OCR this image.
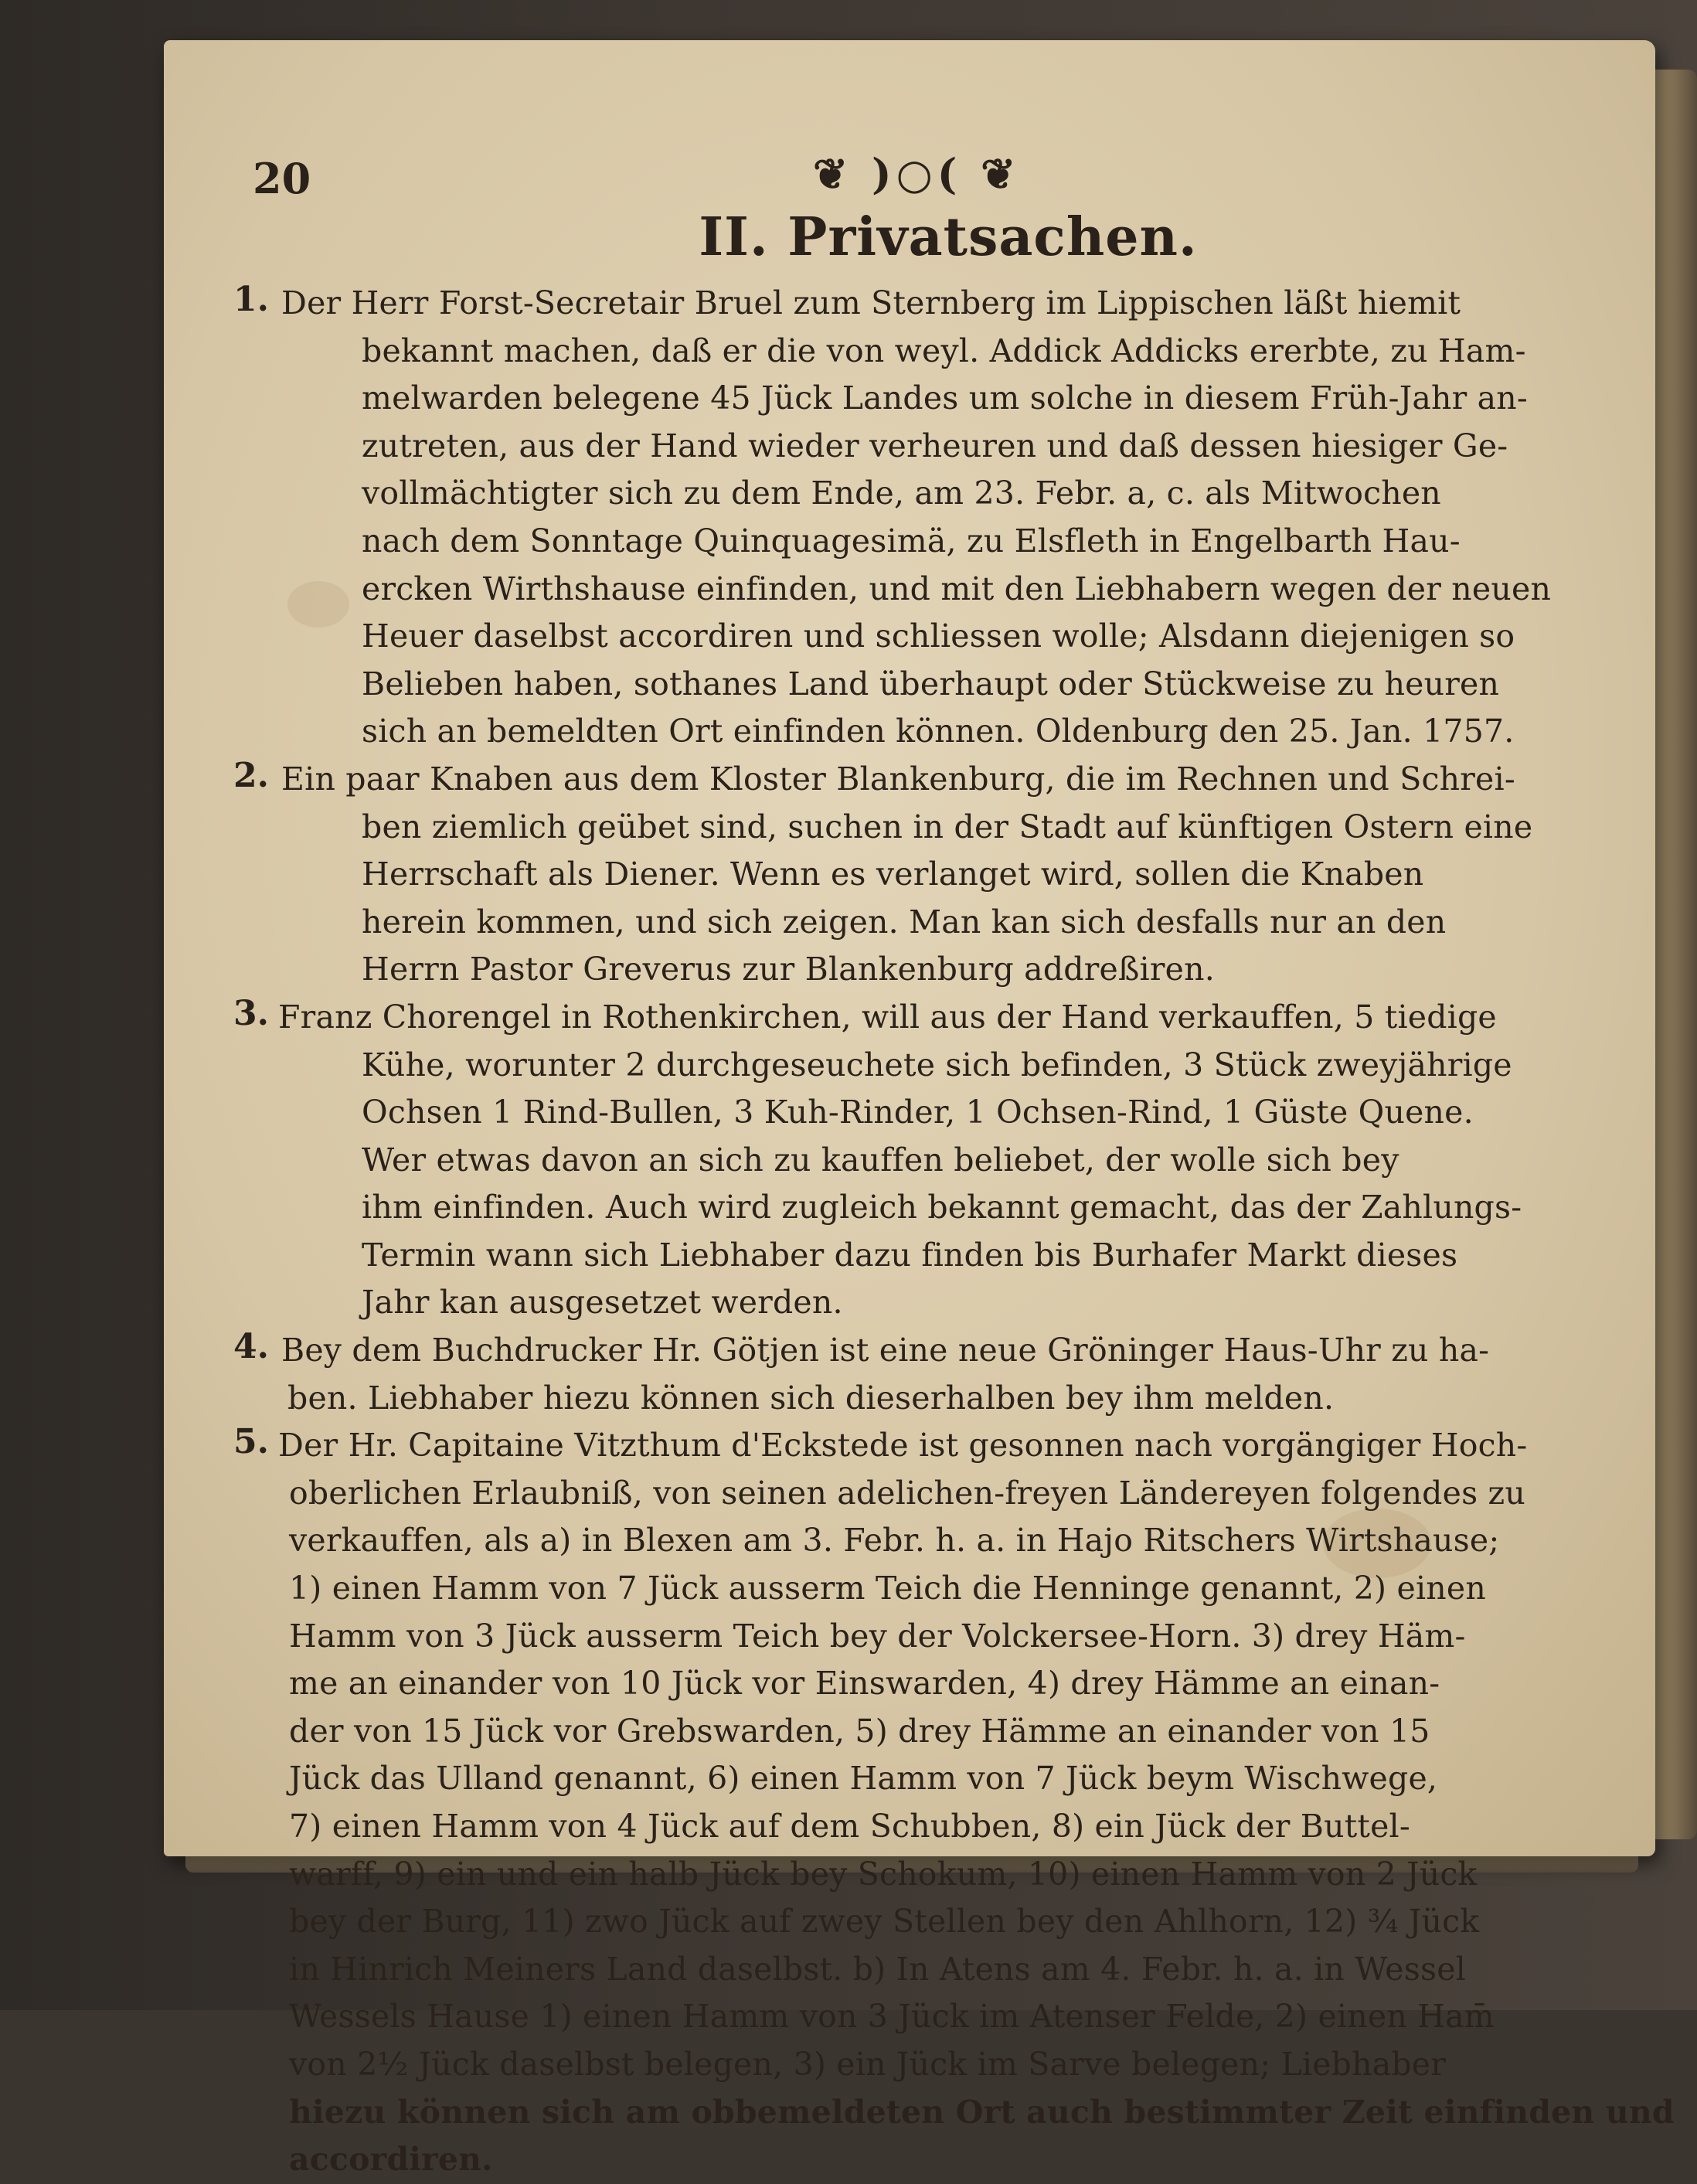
20	❦ )○( ❦
II. Privatsachen.
1. Der Herr Forst-Secretair Bruel zum Sternberg im Lippischen läßt hiemit
bekannt machen, daß er die von weyl. Addick Addicks ererbte, zu Ham-
melwarden belegene 45 Jück Landes um solche in diesem Früh-Jahr an-
zutreten, aus der Hand wieder verheuren und daß dessen hiesiger Ge-
vollmächtigter sich zu dem Ende, am 23. Febr. a, c. als Mitwochen
nach dem Sonntage Quinquagesimä, zu Elsfleth in Engelbarth Hau-
ercken Wirthshause einfinden, und mit den Liebhabern wegen der neuen
Heuer daselbst accordiren und schliessen wolle; Alsdann diejenigen so
Belieben haben, sothanes Land überhaupt oder Stückweise zu heuren
sich an bemeldten Ort einfinden können. Oldenburg den 25. Jan. 1757.
2. Ein paar Knaben aus dem Kloster Blankenburg, die im Rechnen und Schrei-
ben ziemlich geübet sind, suchen in der Stadt auf künftigen Ostern eine
Herrschaft als Diener. Wenn es verlanget wird, sollen die Knaben
herein kommen, und sich zeigen. Man kan sich desfalls nur an den
Herrn Pastor Greverus zur Blankenburg addreßiren.
3. Franz Chorengel in Rothenkirchen, will aus der Hand verkauffen, 5 tiedige
Kühe, worunter 2 durchgeseuchete sich befinden, 3 Stück zweyjährige
Ochsen 1 Rind-Bullen, 3 Kuh-Rinder, 1 Ochsen-Rind, 1 Güste Quene.
Wer etwas davon an sich zu kauffen beliebet, der wolle sich bey
ihm einfinden. Auch wird zugleich bekannt gemacht, das der Zahlungs-
Termin wann sich Liebhaber dazu finden bis Burhafer Markt dieses
Jahr kan ausgesetzet werden.
4. Bey dem Buchdrucker Hr. Götjen ist eine neue Gröninger Haus-Uhr zu ha-
ben. Liebhaber hiezu können sich dieserhalben bey ihm melden.
5. Der Hr. Capitaine Vitzthum d'Eckstede ist gesonnen nach vorgängiger Hoch-
oberlichen Erlaubniß, von seinen adelichen-freyen Ländereyen folgendes zu
verkauffen, als a) in Blexen am 3. Febr. h. a. in Hajo Ritschers Wirtshause;
1) einen Hamm von 7 Jück ausserm Teich die Henninge genannt, 2) einen
Hamm von 3 Jück ausserm Teich bey der Volckersee-Horn. 3) drey Häm-
me an einander von 10 Jück vor Einswarden, 4) drey Hämme an einan-
der von 15 Jück vor Grebswarden, 5) drey Hämme an einander von 15
Jück das Ulland genannt, 6) einen Hamm von 7 Jück beym Wischwege,
7) einen Hamm von 4 Jück auf dem Schubben, 8) ein Jück der Buttel-
warff, 9) ein und ein halb Jück bey Schokum, 10) einen Hamm von 2 Jück
bey der Burg, 11) zwo Jück auf zwey Stellen bey den Ahlhorn, 12) ¾ Jück
in Hinrich Meiners Land daselbst. b) In Atens am 4. Febr. h. a. in Wessel
Wessels Hause 1) einen Hamm von 3 Jück im Atenser Felde, 2) einen Ham̄
von 2½ Jück daselbst belegen, 3) ein Jück im Sarve belegen; Liebhaber
hiezu können sich am obbemeldeten Ort auch bestimmter Zeit einfinden und
accordiren.
